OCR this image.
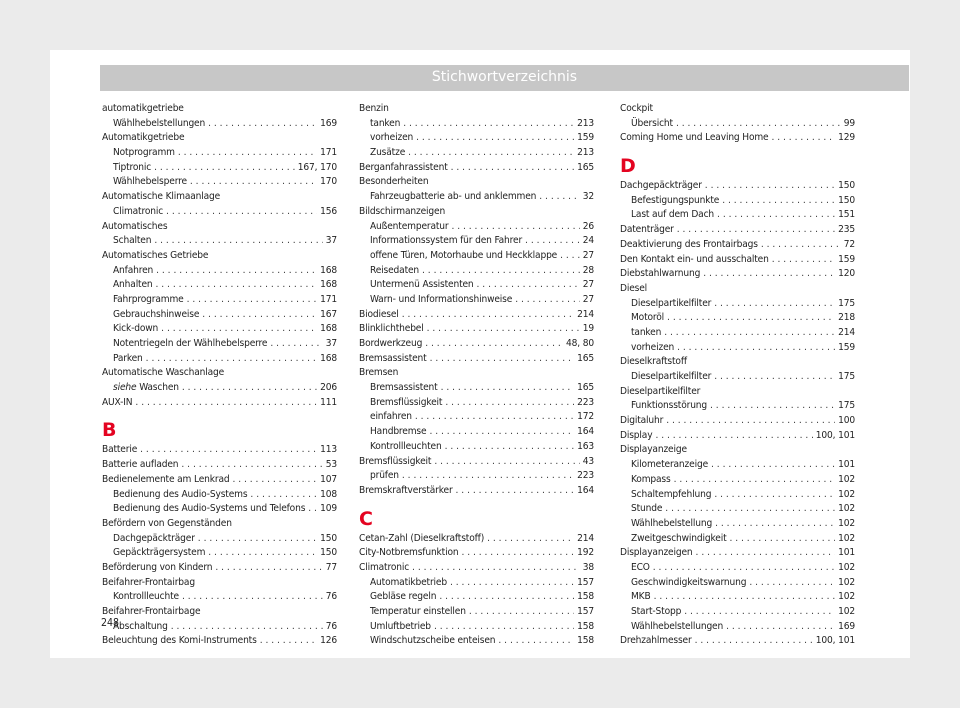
Stichwortverzeichnis
automatikgetriebe
Wählhebelstellungen . . .	169
Automatikgetriebe
Notprogramm . . .	171
Tiptronic . . .	167, 170
Wählhebelsperre . . .	170
Automatische Klimaanlage
Climatronic . . .	156
Automatisches
Schalten . . .	37
Automatisches Getriebe
Anfahren . . .	168
Anhalten . . .	168
Fahrprogramme . . .	171
Gebrauchshinweise . . .	167
Kick-down . . .	168
Notentriegeln der Wählhebelsperre . . .	37
Parken . . .	168
Automatische Waschanlage
siehe Waschen . . .	206
AUX-IN . . .	111
B
Batterie . . .	113
Batterie aufladen . . .	53
Bedienelemente am Lenkrad . . .	107
Bedienung des Audio-Systems . . .	108
Bedienung des Audio-Systems und Telefons . . . 109
Befördern von Gegenständen
Dachgepäckträger . . .	150
Gepäckträgersystem . . .	150
Beförderung von Kindern . . .	77
Beifahrer-Frontairbag
Kontrollleuchte . . .	76
Beifahrer-Frontairbage
Abschaltung . . .	76
Beleuchtung des Komi-Instruments . . .	126
Benzin
tanken . . .	213
vorheizen . . .	159
Zusätze . . .	213
Berganfahrassistent . . .	165
Besonderheiten
Fahrzeugbatterie ab- und anklemmen . . .	32
Bildschirmanzeigen
Außentemperatur . . .	26
Informationssystem für den Fahrer . . .	24
offene Türen, Motorhaube und Heckklappe . . .	27
Reisedaten . . .	28
Untermenü Assistenten . . .	27
Warn- und Informationshinweise . . .	27
Biodiesel . . .	214
Blinklichthebel . . .	19
Bordwerkzeug . . .	48, 80
Bremsassistent . . .	165
Bremsen
Bremsassistent . . .	165
Bremsflüssigkeit . . .	223
einfahren . . .	172
Handbremse . . .	164
Kontrollleuchten . . .	163
Bremsflüssigkeit . . .	43
prüfen . . .	223
Bremskraftverstärker . . .	164
C
Cetan-Zahl (Dieselkraftstoff) . . .	214
City-Notbremsfunktion . . .	192
Climatronic . . .	38
Automatikbetrieb . . .	157
Gebläse regeln . . .	158
Temperatur einstellen . . .	157
Umluftbetrieb . . .	158
Windschutzscheibe enteisen . . .	158
Cockpit
Übersicht . . .	99
Coming Home und Leaving Home . . .	129
D
Dachgepäckträger . . .	150
Befestigungspunkte . . .	150
Last auf dem Dach . . .	151
Datenträger . . .	235
Deaktivierung des Frontairbags . . .	72
Den Kontakt ein- und ausschalten . . .	159
Diebstahlwarnung . . .	120
Diesel
Dieselpartikelfilter . . .	175
Motoröl . . .	218
tanken . . .	214
vorheizen . . .	159
Dieselkraftstoff
Dieselpartikelfilter . . .	175
Dieselpartikelfilter
Funktionsstörung . . .	175
Digitaluhr . . .	100
Display . . .	100, 101
Displayanzeige
Kilometeranzeige . . .	101
Kompass . . .	102
Schaltempfehlung . . .	102
Stunde . . .	102
Wählhebelstellung . . .	102
Zweitgeschwindigkeit . . .	102
Displayanzeigen . . .	101
ECO . . .	102
Geschwindigkeitswarnung . . .	102
MKB . . .	102
Start-Stopp . . .	102
Wählhebelstellungen . . .	169
Drehzahlmesser . . .	100, 101
248
